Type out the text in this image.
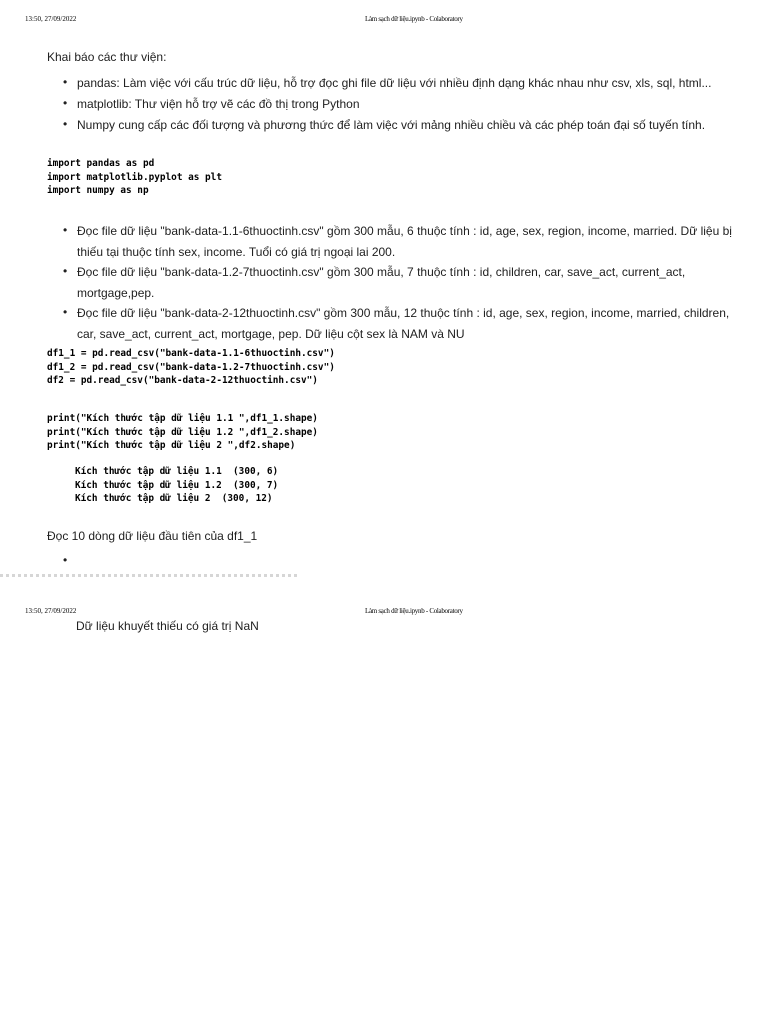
13:50, 27/09/2022	Làm sạch dữ liệu.ipynb - Colaboratory
Khai báo các thư viện:
• pandas: Làm việc với cấu trúc dữ liệu, hỗ trợ đọc ghi file dữ liệu với nhiều định dạng khác nhau như csv, xls, sql, html...
• matplotlib: Thư viện hỗ trợ vẽ các đồ thị trong Python
• Numpy cung cấp các đối tượng và phương thức để làm việc với mảng nhiều chiều và các phép toán đại số tuyến tính.
import pandas as pd
import matplotlib.pyplot as plt
import numpy as np
• Đọc file dữ liệu "bank-data-1.1-6thuoctinh.csv" gồm 300 mẫu, 6 thuộc tính : id, age, sex, region, income, married. Dữ liệu bị thiếu tại thuộc tính sex, income. Tuổi có giá trị ngoại lai 200.
• Đọc file dữ liệu "bank-data-1.2-7thuoctinh.csv" gồm 300 mẫu, 7 thuộc tính : id, children, car, save_act, current_act, mortgage,pep.
• Đọc file dữ liệu "bank-data-2-12thuoctinh.csv" gồm 300 mẫu, 12 thuộc tính : id, age, sex, region, income, married, children, car, save_act, current_act, mortgage, pep. Dữ liệu cột sex là NAM và NU
df1_1 = pd.read_csv("bank-data-1.1-6thuoctinh.csv")
df1_2 = pd.read_csv("bank-data-1.2-7thuoctinh.csv")
df2 = pd.read_csv("bank-data-2-12thuoctinh.csv")
print("Kích thước tập dữ liệu 1.1 ",df1_1.shape)
print("Kích thước tập dữ liệu 1.2 ",df1_2.shape)
print("Kích thước tập dữ liệu 2 ",df2.shape)
Kích thước tập dữ liệu 1.1  (300, 6)
Kích thước tập dữ liệu 1.2  (300, 7)
Kích thước tập dữ liệu 2  (300, 12)
Đọc 10 dòng dữ liệu đầu tiên của df1_1
•
13:50, 27/09/2022	Làm sạch dữ liệu.ipynb - Colaboratory
Dữ liệu khuyết thiếu có giá trị NaN
